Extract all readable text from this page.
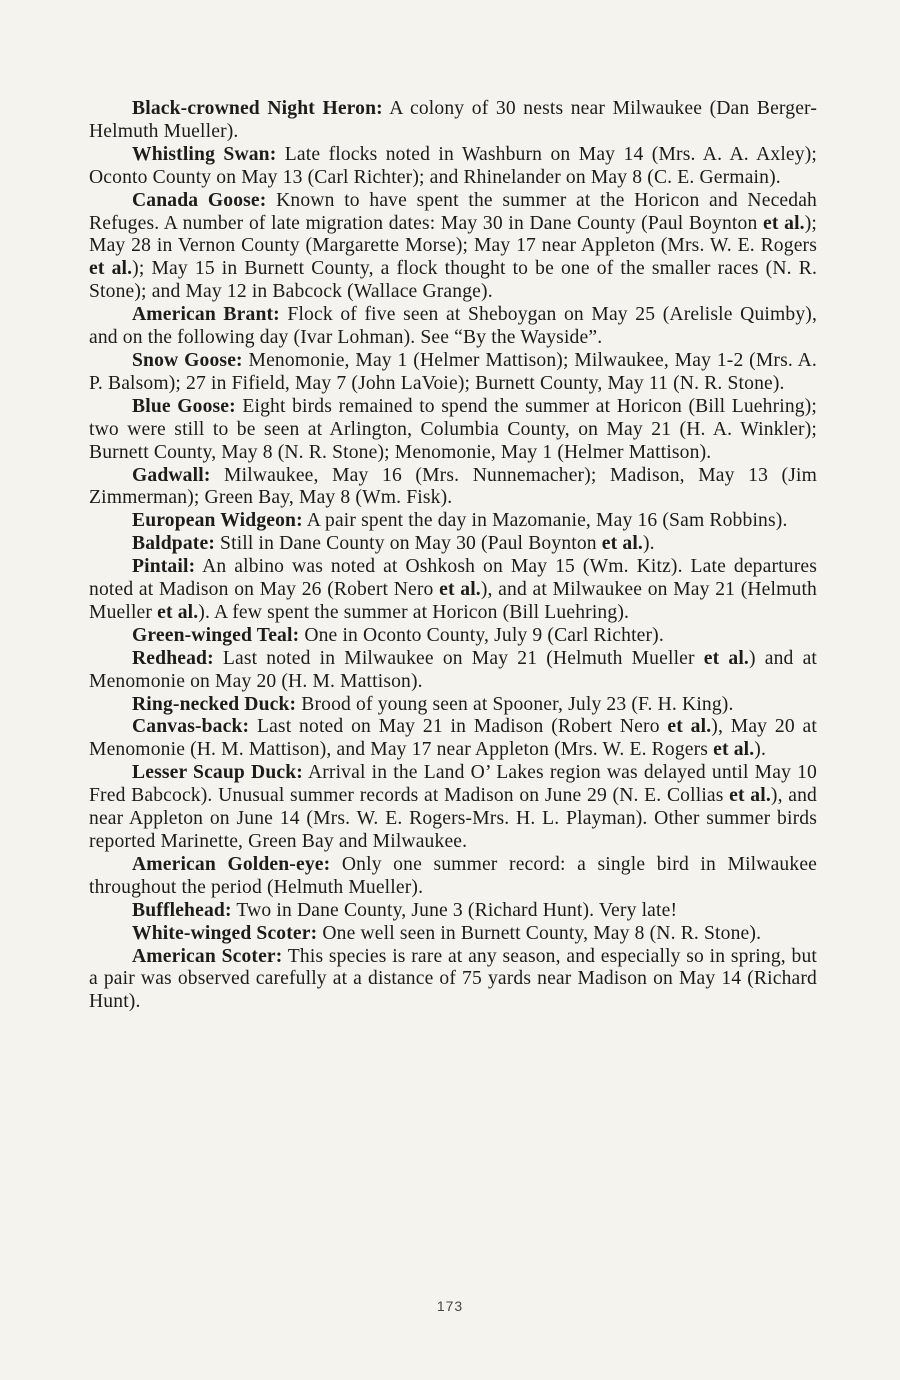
Black-crowned Night Heron: A colony of 30 nests near Milwaukee (Dan Berger-Helmuth Mueller).

Whistling Swan: Late flocks noted in Washburn on May 14 (Mrs. A. A. Axley); Oconto County on May 13 (Carl Richter); and Rhinelander on May 8 (C. E. Germain).

Canada Goose: Known to have spent the summer at the Horicon and Necedah Refuges. A number of late migration dates: May 30 in Dane County (Paul Boynton et al.); May 28 in Vernon County (Margarette Morse); May 17 near Appleton (Mrs. W. E. Rogers et al.); May 15 in Burnett County, a flock thought to be one of the smaller races (N. R. Stone); and May 12 in Babcock (Wallace Grange).

American Brant: Flock of five seen at Sheboygan on May 25 (Arelisle Quimby), and on the following day (Ivar Lohman). See “By the Wayside”.

Snow Goose: Menomonie, May 1 (Helmer Mattison); Milwaukee, May 1-2 (Mrs. A. P. Balsom); 27 in Fifield, May 7 (John LaVoie); Burnett County, May 11 (N. R. Stone).

Blue Goose: Eight birds remained to spend the summer at Horicon (Bill Luehring); two were still to be seen at Arlington, Columbia County, on May 21 (H. A. Winkler); Burnett County, May 8 (N. R. Stone); Menomonie, May 1 (Helmer Mattison).

Gadwall: Milwaukee, May 16 (Mrs. Nunnemacher); Madison, May 13 (Jim Zimmerman); Green Bay, May 8 (Wm. Fisk).

European Widgeon: A pair spent the day in Mazomanie, May 16 (Sam Robbins).

Baldpate: Still in Dane County on May 30 (Paul Boynton et al.).

Pintail: An albino was noted at Oshkosh on May 15 (Wm. Kitz). Late departures noted at Madison on May 26 (Robert Nero et al.), and at Milwaukee on May 21 (Helmuth Mueller et al.). A few spent the summer at Horicon (Bill Luehring).

Green-winged Teal: One in Oconto County, July 9 (Carl Richter).

Redhead: Last noted in Milwaukee on May 21 (Helmuth Mueller et al.) and at Menomonie on May 20 (H. M. Mattison).

Ring-necked Duck: Brood of young seen at Spooner, July 23 (F. H. King).

Canvas-back: Last noted on May 21 in Madison (Robert Nero et al.), May 20 at Menomonie (H. M. Mattison), and May 17 near Appleton (Mrs. W. E. Rogers et al.).

Lesser Scaup Duck: Arrival in the Land O’ Lakes region was delayed until May 10 Fred Babcock). Unusual summer records at Madison on June 29 (N. E. Collias et al.), and near Appleton on June 14 (Mrs. W. E. Rogers-Mrs. H. L. Playman). Other summer birds reported Marinette, Green Bay and Milwaukee.

American Golden-eye: Only one summer record: a single bird in Milwaukee throughout the period (Helmuth Mueller).

Bufflehead: Two in Dane County, June 3 (Richard Hunt). Very late!

White-winged Scoter: One well seen in Burnett County, May 8 (N. R. Stone).

American Scoter: This species is rare at any season, and especially so in spring, but a pair was observed carefully at a distance of 75 yards near Madison on May 14 (Richard Hunt).

173
